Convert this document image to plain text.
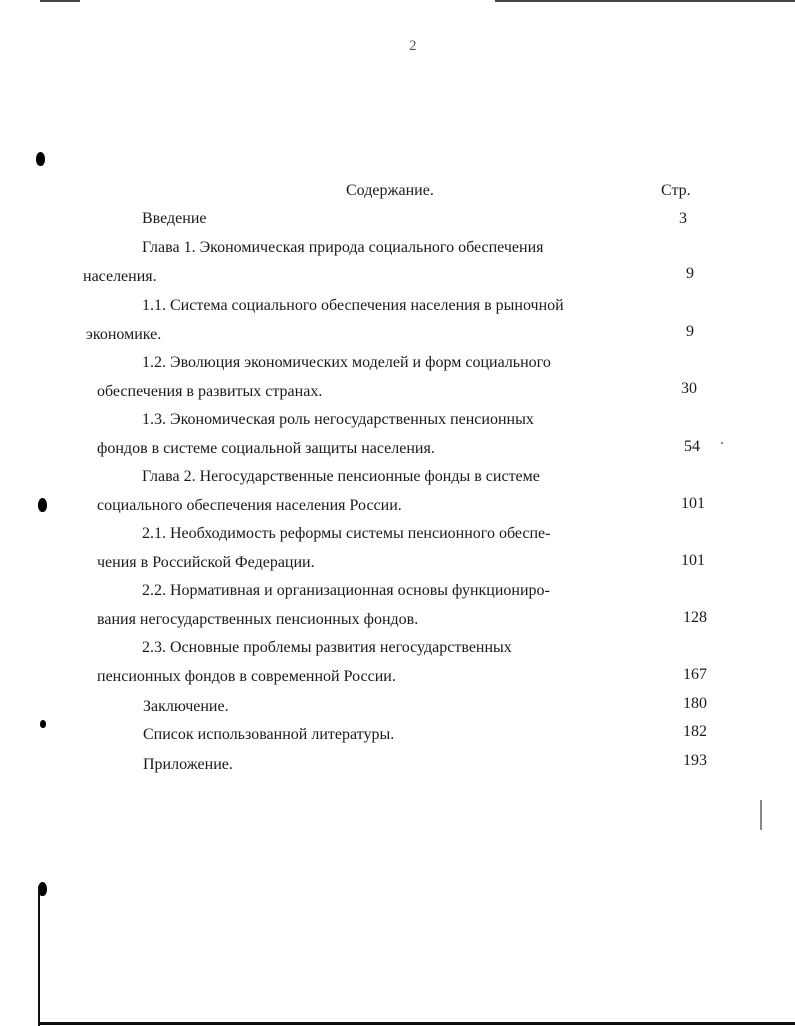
2
Содержание.	Стр.
Введение	3
Глава 1. Экономическая природа социального обеспечения
населения.	9
1.1. Система социального обеспечения населения в рыночной
экономике.	9
1.2. Эволюция экономических моделей и форм социального
обеспечения в развитых странах.	30
1.3. Экономическая роль негосударственных пенсионных
фондов в системе социальной защиты населения.	54
Глава 2. Негосударственные пенсионные фонды в системе
социального обеспечения населения России.	101
2.1. Необходимость реформы системы пенсионного обеспе-
чения в Российской Федерации.	101
2.2. Нормативная и организационная основы функциониро-
вания негосударственных пенсионных фондов.	128
2.3. Основные проблемы развития негосударственных
пенсионных фондов в современной России.	167
Заключение.	180
Список использованной литературы.	182
Приложение.	193
